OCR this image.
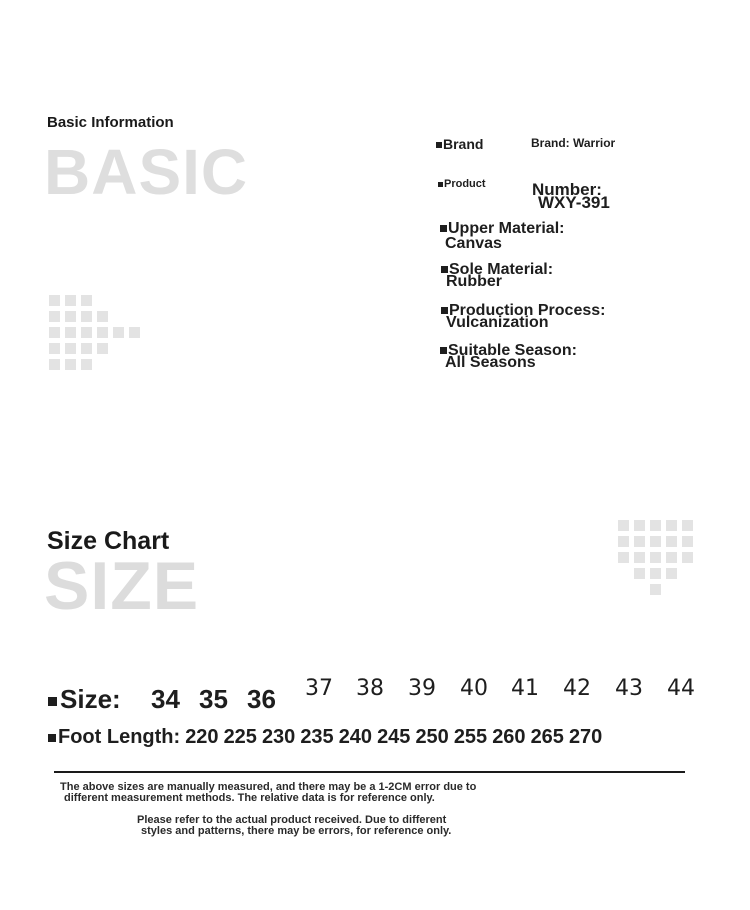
Basic Information
BASIC	Brand	Brand: Warrior
Product	Number:
WXY-391
Upper Material:
Canvas
Sole Material:
Rubber
Production Process:
Vulcanization
Suitable Season:
All Seasons
Size Chart
SIZE
Size: 34 35 36 37 38 39 40 41 42 43 44
Foot Length: 220 225 230 235 240 245 250 255 260 265 270
The above sizes are manually measured, and there may be a 1-2CM error due to
different measurement methods. The relative data is for reference only.
Please refer to the actual product received. Due to different
styles and patterns, there may be errors, for reference only.
